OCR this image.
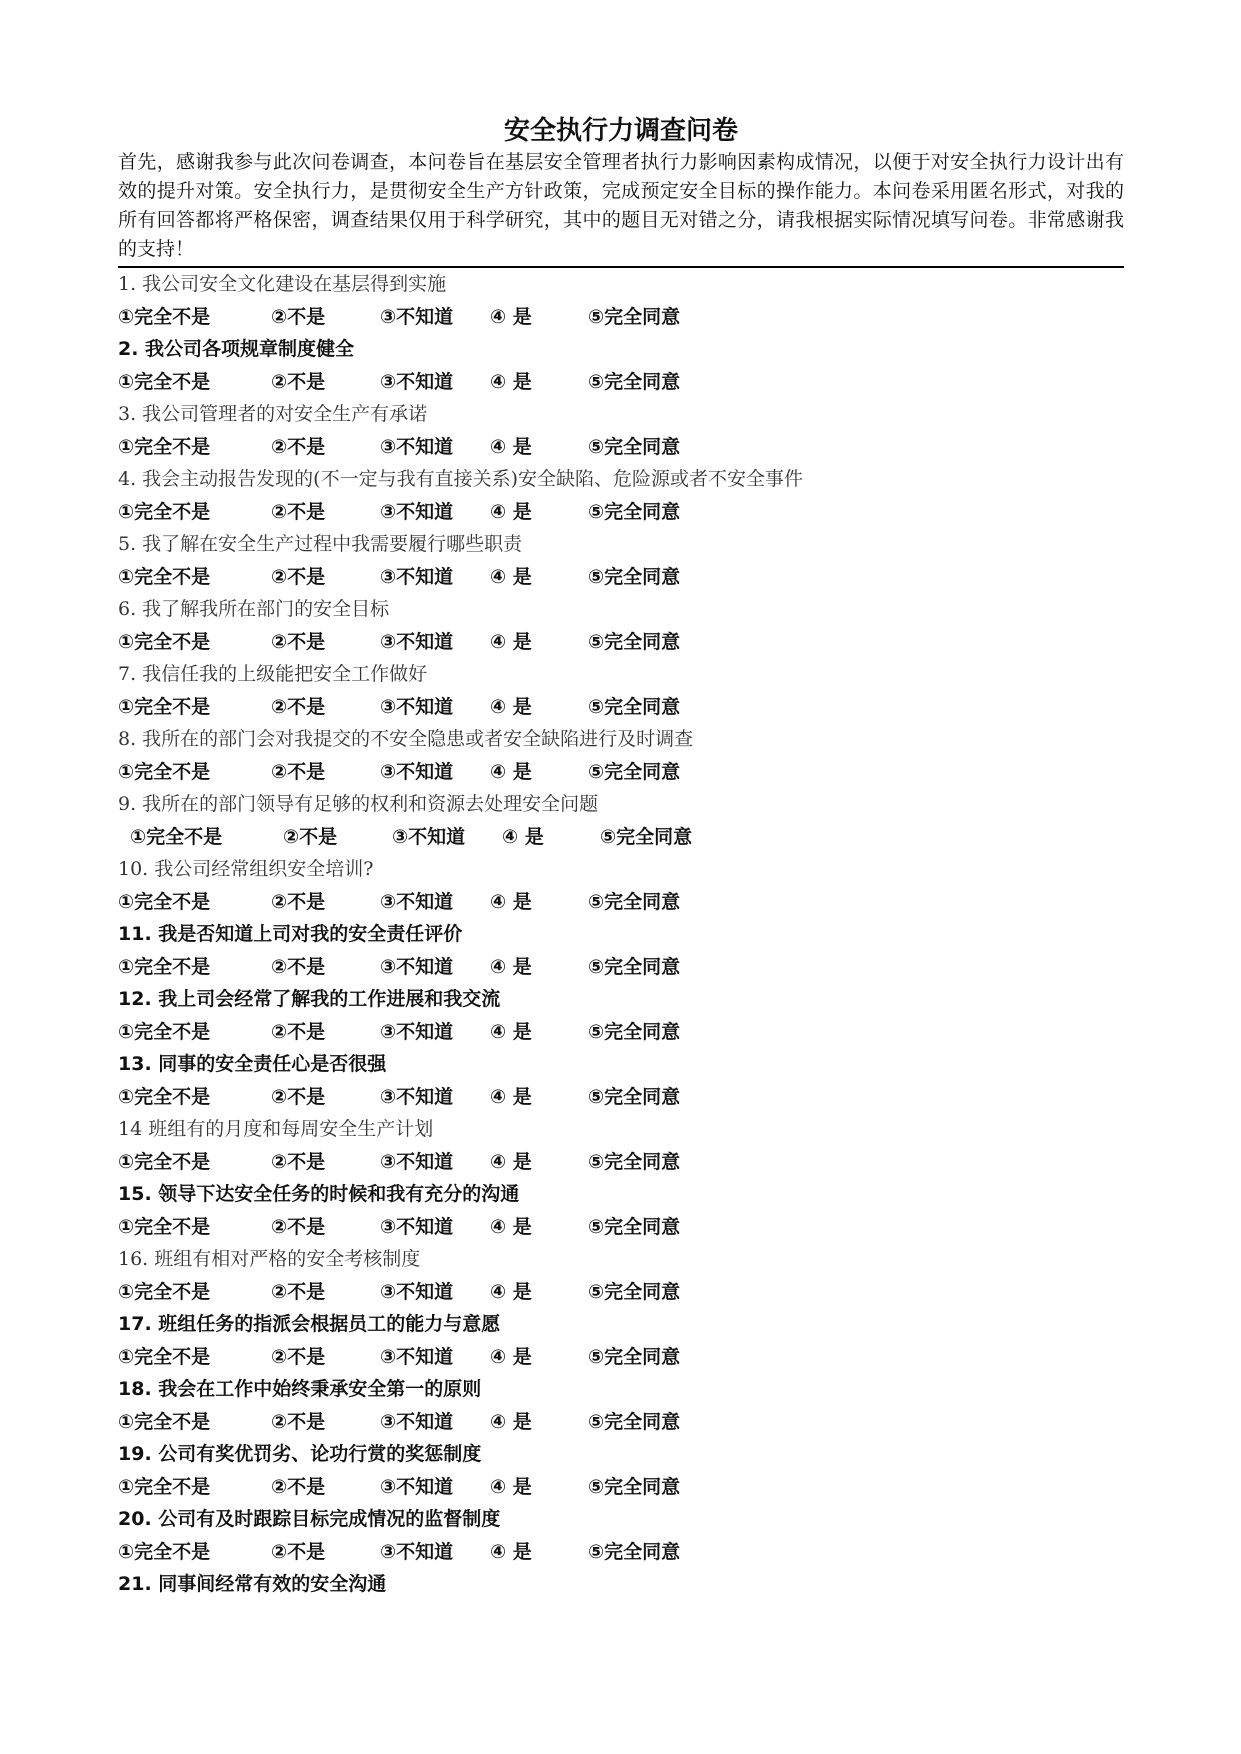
安全执行力调查问卷
首先，感谢我参与此次问卷调查，本问卷旨在基层安全管理者执行力影响因素构成情况，以便于对安全执行力设计出有效的提升对策。安全执行力，是贯彻安全生产方针政策，完成预定安全目标的操作能力。本问卷采用匿名形式，对我的所有回答都将严格保密，调查结果仅用于科学研究，其中的题目无对错之分，请我根据实际情况填写问卷。非常感谢我的支持！
1. 我公司安全文化建设在基层得到实施
①完全不是	②不是	③不知道 ④ 是	⑤完全同意
2. 我公司各项规章制度健全
①完全不是	②不是	③不知道 ④ 是	⑤完全同意
3. 我公司管理者的对安全生产有承诺
①完全不是	②不是	③不知道 ④ 是	⑤完全同意
4. 我会主动报告发现的(不一定与我有直接关系)安全缺陷、危险源或者不安全事件
①完全不是	②不是	③不知道 ④ 是	⑤完全同意
5. 我了解在安全生产过程中我需要履行哪些职责
①完全不是	②不是	③不知道 ④ 是	⑤完全同意
6. 我了解我所在部门的安全目标
①完全不是	②不是	③不知道 ④ 是	⑤完全同意
7. 我信任我的上级能把安全工作做好
①完全不是	②不是	③不知道 ④ 是	⑤完全同意
8. 我所在的部门会对我提交的不安全隐患或者安全缺陷进行及时调查
①完全不是	②不是	③不知道 ④ 是	⑤完全同意
9. 我所在的部门领导有足够的权利和资源去处理安全问题
①完全不是	②不是	③不知道 ④ 是	⑤完全同意
10. 我公司经常组织安全培训?
①完全不是	②不是	③不知道 ④ 是	⑤完全同意
11. 我是否知道上司对我的安全责任评价
①完全不是	②不是	③不知道 ④ 是	⑤完全同意
12. 我上司会经常了解我的工作进展和我交流
①完全不是	②不是	③不知道 ④ 是	⑤完全同意
13. 同事的安全责任心是否很强
①完全不是	②不是	③不知道 ④ 是	⑤完全同意
14 班组有的月度和每周安全生产计划
①完全不是	②不是	③不知道 ④ 是	⑤完全同意
15. 领导下达安全任务的时候和我有充分的沟通
①完全不是	②不是	③不知道 ④ 是	⑤完全同意
16. 班组有相对严格的安全考核制度
①完全不是	②不是	③不知道 ④ 是	⑤完全同意
17. 班组任务的指派会根据员工的能力与意愿
①完全不是	②不是	③不知道 ④ 是	⑤完全同意
18. 我会在工作中始终秉承安全第一的原则
①完全不是	②不是	③不知道 ④ 是	⑤完全同意
19. 公司有奖优罚劣、论功行赏的奖惩制度
①完全不是	②不是	③不知道 ④ 是	⑤完全同意
20. 公司有及时跟踪目标完成情况的监督制度
①完全不是	②不是	③不知道 ④ 是	⑤完全同意
21. 同事间经常有效的安全沟通
